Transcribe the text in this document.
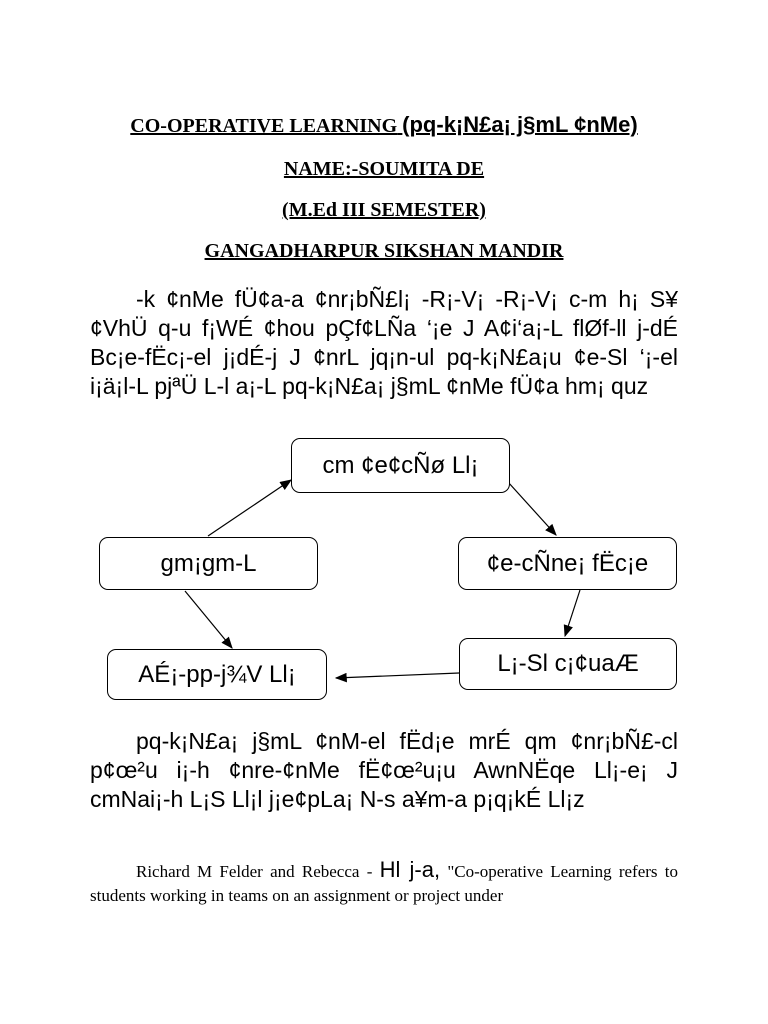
CO-OPERATIVE LEARNING (pq-k¡N£a¡ j§mL ¢nMe)
NAME:-SOUMITA DE
(M.Ed III SEMESTER)
GANGADHARPUR SIKSHAN MANDIR
-k ¢nMe fÜ¢a-a ¢nr¡bÑ£l¡ -R¡-V¡ -R¡-V¡ c-m h¡ S¥¢VhÜ q-u f¡WÉ ¢hou pÇf¢LÑa ‘¡e J A¢i‘a¡-L flØf-ll j-dÉ Bc¡e-fËc¡-el j¡dÉ-j J ¢nrL jq¡n-ul pq-k¡N£a¡u ¢e-Sl ‘¡-el i¡ä¡l-L pjªÜ L-l a¡-L pq-k¡N£a¡ j§mL ¢nMe fÜ¢a hm¡ quz
cm ¢e¢cÑø Ll¡
gm¡gm-L	¢e-cÑne¡ fËc¡e
L¡-Sl c¡¢uaÆ
AÉ¡-pp-j¾V Ll¡
pq-k¡N£a¡ j§mL ¢nM-el fËd¡e mrÉ qm ¢nr¡bÑ£-cl p¢œ²u i¡-h ¢nre-¢nMe fË¢œ²u¡u AwnNËqe Ll¡-e¡ J cmNai¡-h L¡S Ll¡l j¡e¢pLa¡ N-s a¥m-a p¡q¡kÉ Ll¡z
Richard M Felder and Rebecca - Hl j-a, "Co-operative Learning refers to students working in teams on an assignment or project under
